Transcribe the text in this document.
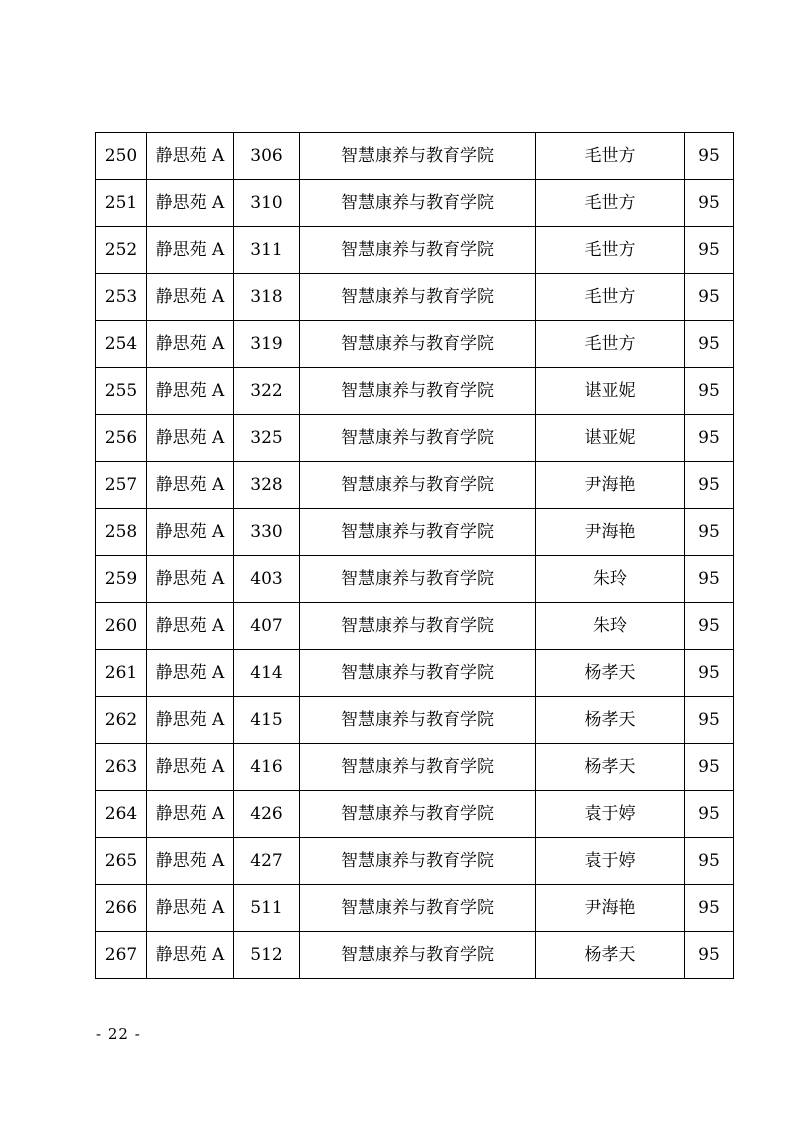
250	静思苑 A	306	智慧康养与教育学院	毛世方	95
251	静思苑 A	310	智慧康养与教育学院	毛世方	95
252	静思苑 A	311	智慧康养与教育学院	毛世方	95
253	静思苑 A	318	智慧康养与教育学院	毛世方	95
254	静思苑 A	319	智慧康养与教育学院	毛世方	95
255	静思苑 A	322	智慧康养与教育学院	谌亚妮	95
256	静思苑 A	325	智慧康养与教育学院	谌亚妮	95
257	静思苑 A	328	智慧康养与教育学院	尹海艳	95
258	静思苑 A	330	智慧康养与教育学院	尹海艳	95
259	静思苑 A	403	智慧康养与教育学院	朱玲	95
260	静思苑 A	407	智慧康养与教育学院	朱玲	95
261	静思苑 A	414	智慧康养与教育学院	杨孝天	95
262	静思苑 A	415	智慧康养与教育学院	杨孝天	95
263	静思苑 A	416	智慧康养与教育学院	杨孝天	95
264	静思苑 A	426	智慧康养与教育学院	袁于婷	95
265	静思苑 A	427	智慧康养与教育学院	袁于婷	95
266	静思苑 A	511	智慧康养与教育学院	尹海艳	95
267	静思苑 A	512	智慧康养与教育学院	杨孝天	95
- 22 -
